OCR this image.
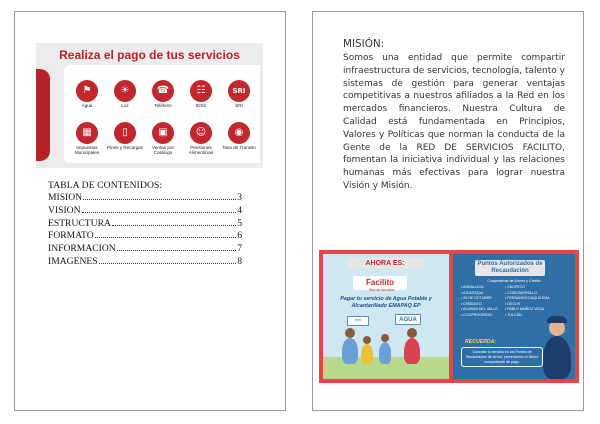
Realiza el pago de tus servicios
⚑
Agua
☀
Luz
☎
Teléfono
☷
IESS
SRI
SRI
▦
Impuestos Municipales
▯
Pines y Recargas
▣
Ventas por Catálogo
☺
Pensiones Alimenticias
◉
Tasa de Tránsito
TABLA DE CONTENIDOS:
MISION	3
VISION	4
ESTRUCTURA	5
FORMATO	6
INFORMACION	7
IMAGENES	8
MISIÓN:
Somos una entidad que permite compartir infraestructura de servicios, tecnología, talento y sistemas de gestión para generar ventajas competitivas a nuestros afiliados a la Red en los mercados financieros. Nuestra Cultura de Calidad está fundamentada en Principios, Valores y Políticas que norman la conducta de la Gente de la RED DE SERVICIOS FACILITO, fomentan la iniciativa individual y las relaciones humanas más efectivas para lograr nuestra Visión y Misión.
AHORA ES:
Facilito
Red de servicios
Pagar tu servicio de Agua Potable y Alcantarillado EMAPAQ EP
≈≈	AGUA
Puntos Autorizados de Recaudación
Cooperativas de Ahorro y Crédito
• ANDALUCÍA
• ATUNTAQUI
• 29 DE OCTUBRE
• CHIBULEO
• ALIANZA DEL VALLE
• COOPROGRESO
• CACPECO
• CODESARROLLO
• FERNANDO DAQUILEMA
• OSCUS
• PABLO MUÑOZ VEGA
• TULCÁN
RECUERDA:
Cancelar tu servicio en los Puntos de Recaudación de la red, presentando el último comprobante de pago.
